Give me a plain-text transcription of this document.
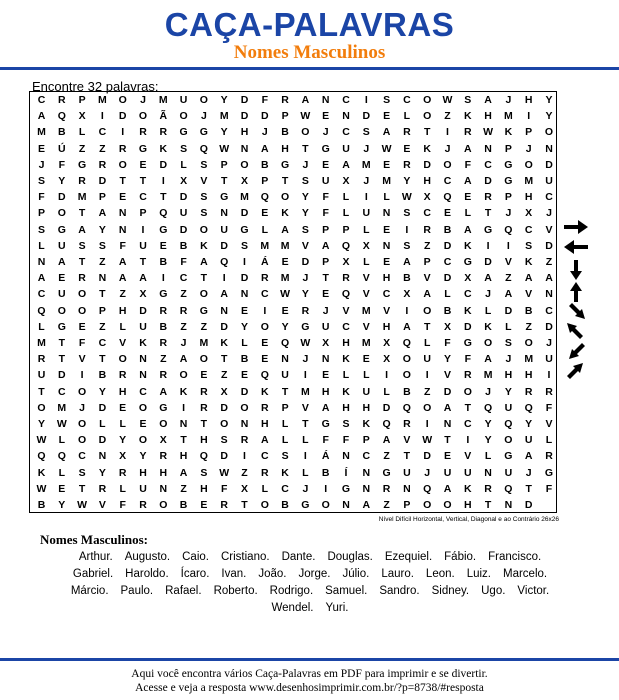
CAÇA-PALAVRAS
Nomes Masculinos
Encontre 32 palavras:
C	R	P	M	O	J	M	U	O	Y	D	F	R	A	N	C	I	S	C	O	W	S	A	J	H	Y
A	Q	X	I	D	O	Ã	O	J	M	D	D	P	W	E	N	D	E	L	O	Z	K	H	M	I	Y
M	B	L	C	I	R	R	G	G	Y	H	J	B	O	J	C	S	A	R	T	I	R	W	K	P	O
E	Ú	Z	Z	R	G	K	S	Q	W	N	A	H	T	G	U	J	W	E	K	J	A	N	P	J	N
J	F	G	R	O	E	D	L	S	P	O	B	G	J	E	A	M	E	R	D	O	F	C	G	O	D
S	Y	R	D	T	T	I	X	V	T	X	P	T	S	U	X	J	M	Y	H	C	A	D	G	M	U
F	D	M	P	E	C	T	D	S	G	M	Q	O	Y	F	L	I	L	W	X	Q	E	R	P	H	C
P	O	T	A	N	P	Q	U	S	N	D	E	K	Y	F	L	U	N	S	C	E	L	T	J	X	J
S	G	A	Y	N	I	G	D	O	U	G	L	A	S	P	P	L	E	I	R	B	A	G	Q	C	V
L	U	S	S	F	U	E	B	K	D	S	M	M	V	A	Q	X	N	S	Z	D	K	I	I	S	D
N	A	T	Z	A	T	B	F	A	Q	I	Á	E	D	P	X	L	E	A	P	C	G	D	V	K	Z
A	E	R	N	A	A	I	C	T	I	D	R	M	J	T	R	V	H	B	V	D	X	A	Z	A	A
C	U	O	T	Z	X	G	Z	O	A	N	C	W	Y	E	Q	V	C	X	A	L	C	J	A	V	N
Q	O	O	P	H	D	R	R	G	N	E	I	E	R	J	V	M	V	I	O	B	K	L	D	B	C
L	G	E	Z	L	U	B	Z	Z	D	Y	O	Y	G	U	C	V	H	A	T	X	D	K	L	Z	D
M	T	F	C	V	K	R	J	M	K	L	E	Q	W	X	H	M	X	Q	L	F	G	O	S	O	J
R	T	V	T	O	N	Z	A	O	T	B	E	N	J	N	K	E	X	O	U	Y	F	A	J	M	U
U	D	I	B	R	N	R	O	E	Z	E	Q	U	I	E	L	L	I	O	I	V	R	M	H	H	I
T	C	O	Y	H	C	A	K	R	X	D	K	T	M	H	K	U	L	B	Z	D	O	J	Y	R	R
O	M	J	D	E	O	G	I	R	D	O	R	P	V	A	H	H	D	Q	O	A	T	Q	U	Q	F
Y	W	O	L	L	E	O	N	T	O	N	H	L	T	G	S	K	Q	R	I	N	C	Y	Q	Y	V
W	L	O	D	Y	O	X	T	H	S	R	A	L	L	F	F	P	A	V	W	T	I	Y	O	U	L
Q	Q	C	N	X	Y	R	H	Q	D	I	C	S	I	Á	N	C	Z	T	D	E	V	L	G	A	R
K	L	S	Y	R	H	H	A	S	W	Z	R	K	L	B	Í	N	G	U	J	U	U	N	U	J	G
W	E	T	R	L	U	N	Z	H	F	X	L	C	J	I	G	N	R	N	Q	A	K	R	Q	T	F
B	Y	W	V	F	R	O	B	E	R	T	O	B	G	O	N	A	Z	P	O	O	H	T	N	D
Nível Difícil Horizontal, Vertical, Diagonal e ao Contrário 26x26
Nomes Masculinos:
Arthur. Augusto. Caio. Cristiano. Dante. Douglas. Ezequiel. Fábio. Francisco.
Gabriel. Haroldo. Ícaro. Ivan. João. Jorge. Júlio. Lauro. Leon. Luiz. Marcelo.
Márcio. Paulo. Rafael. Roberto. Rodrigo. Samuel. Sandro. Sidney. Ugo. Victor.
Wendel. Yuri.
Aqui você encontra vários Caça-Palavras em PDF para imprimir e se divertir.
Acesse e veja a resposta www.desenhosimprimir.com.br/?p=8738/#resposta
